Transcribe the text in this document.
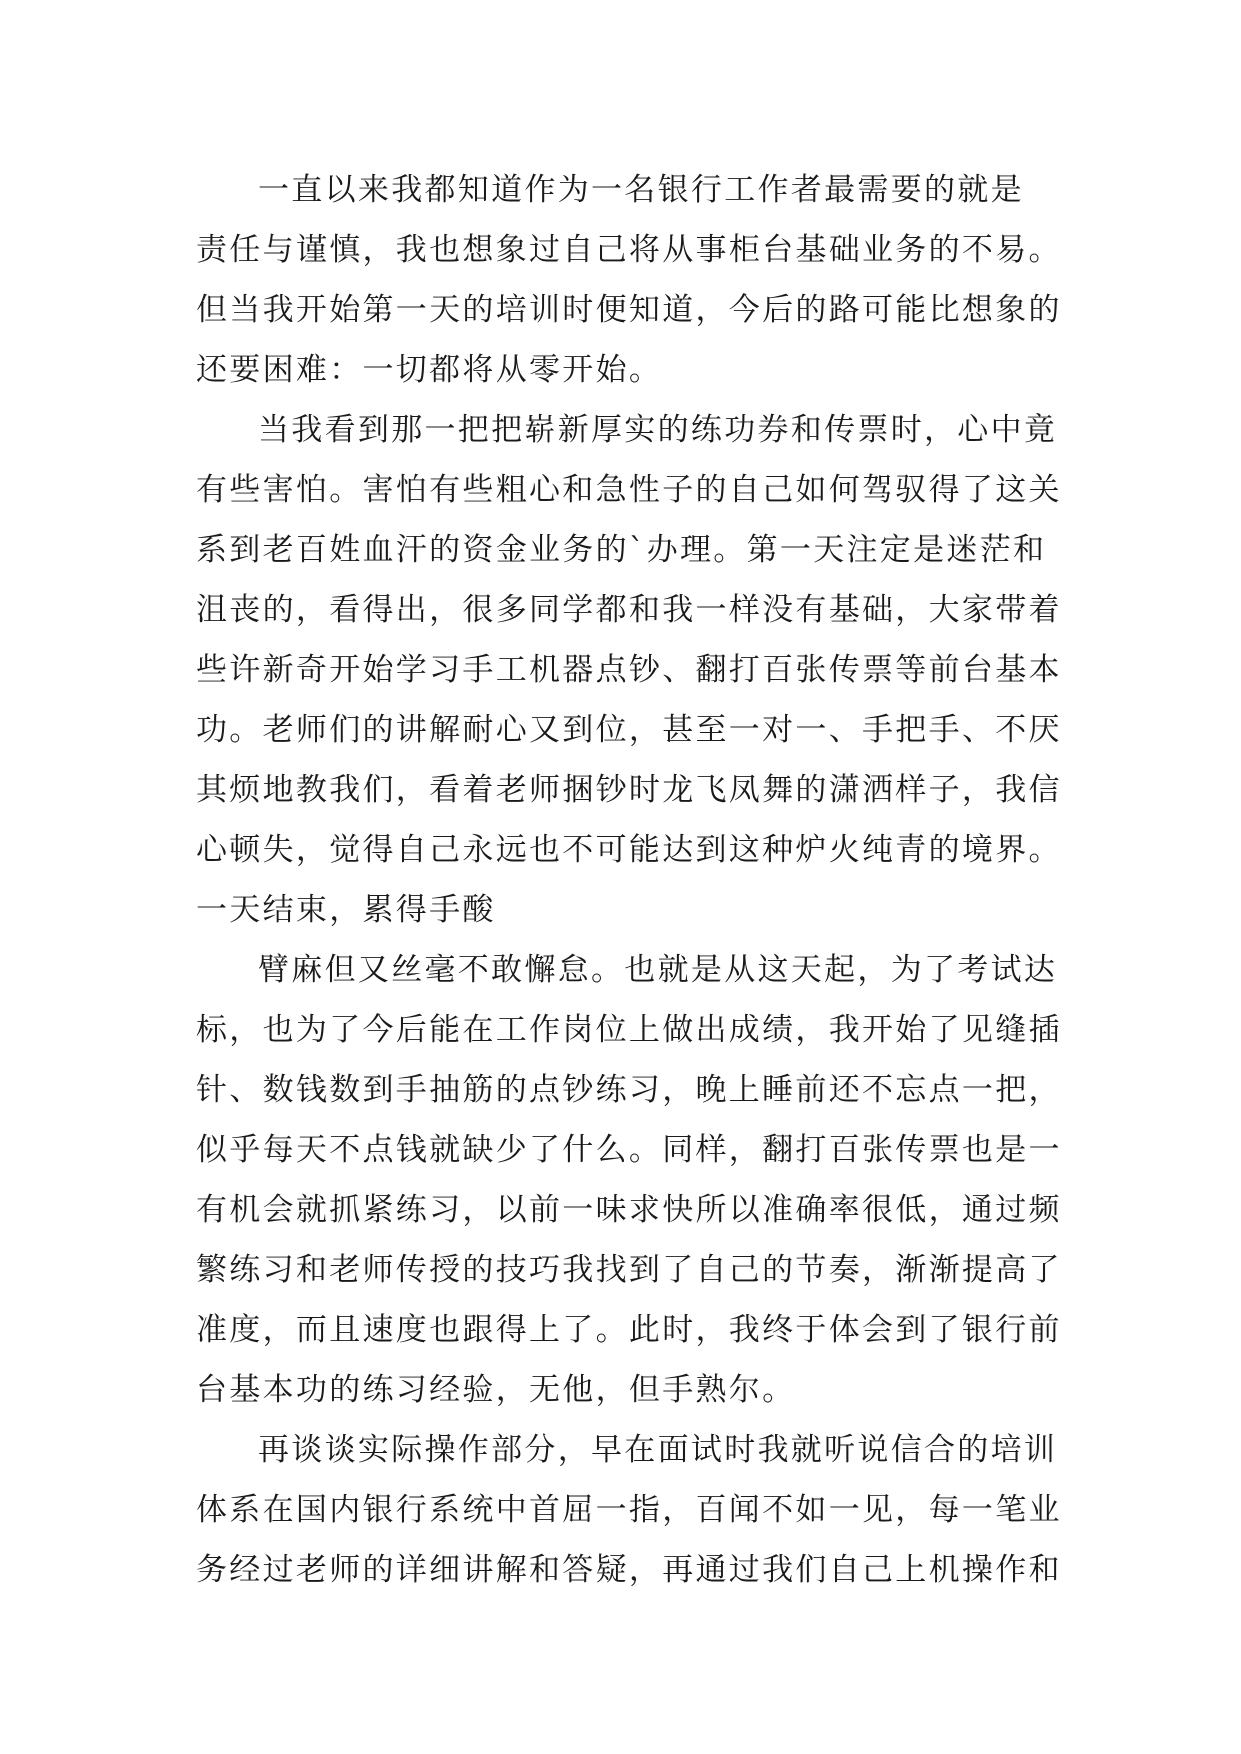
一直以来我都知道作为一名银行工作者最需要的就是
责任与谨慎，我也想象过自己将从事柜台基础业务的不易。
但当我开始第一天的培训时便知道，今后的路可能比想象的
还要困难：一切都将从零开始。
当我看到那一把把崭新厚实的练功券和传票时，心中竟
有些害怕。害怕有些粗心和急性子的自己如何驾驭得了这关
系到老百姓血汗的资金业务的`办理。第一天注定是迷茫和
沮丧的，看得出，很多同学都和我一样没有基础，大家带着
些许新奇开始学习手工机器点钞、翻打百张传票等前台基本
功。老师们的讲解耐心又到位，甚至一对一、手把手、不厌
其烦地教我们，看着老师捆钞时龙飞凤舞的潇洒样子，我信
心顿失，觉得自己永远也不可能达到这种炉火纯青的境界。
一天结束，累得手酸
臂麻但又丝毫不敢懈怠。也就是从这天起，为了考试达
标，也为了今后能在工作岗位上做出成绩，我开始了见缝插
针、数钱数到手抽筋的点钞练习，晚上睡前还不忘点一把，
似乎每天不点钱就缺少了什么。同样，翻打百张传票也是一
有机会就抓紧练习，以前一味求快所以准确率很低，通过频
繁练习和老师传授的技巧我找到了自己的节奏，渐渐提高了
准度，而且速度也跟得上了。此时，我终于体会到了银行前
台基本功的练习经验，无他，但手熟尔。
再谈谈实际操作部分，早在面试时我就听说信合的培训
体系在国内银行系统中首屈一指，百闻不如一见，每一笔业
务经过老师的详细讲解和答疑，再通过我们自己上机操作和
